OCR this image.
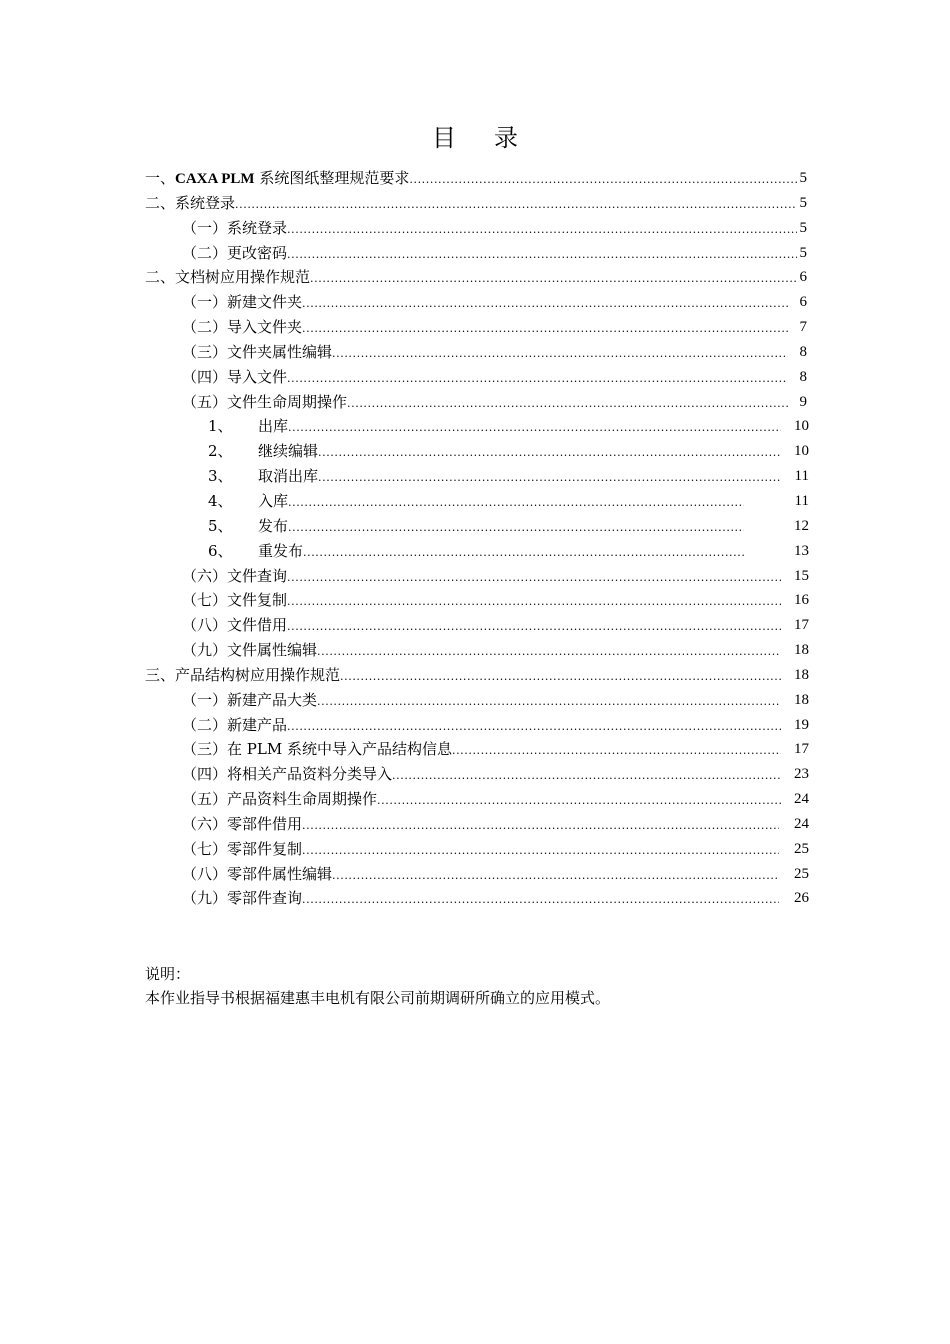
目 录
一、CAXA PLM 系统图纸整理规范要求 .....	5
二、系统登录 .....	5
（一）系统登录 .....	5
（二）更改密码 .....	5
二、文档树应用操作规范 .....	6
（一）新建文件夹 .....	6
（二）导入文件夹 .....	7
（三）文件夹属性编辑 .....	8
（四）导入文件 .....	8
（五）文件生命周期操作 .....	9
1、 出库 .....	10
2、 继续编辑 .....	10
3、 取消出库 .....	11
4、 入库 .....	11
5、 发布 .....	12
6、 重发布 .....	13
（六）文件查询 .....	15
（七）文件复制 .....	16
（八）文件借用 .....	17
（九）文件属性编辑 .....	18
三、产品结构树应用操作规范 .....	18
（一）新建产品大类 .....	18
（二）新建产品 .....	19
（三）在 PLM 系统中导入产品结构信息 .....	17
（四）将相关产品资料分类导入 .....	23
（五）产品资料生命周期操作 .....	24
（六）零部件借用 .....	24
（七）零部件复制 .....	25
（八）零部件属性编辑 .....	25
（九）零部件查询 .....	26
说明：
本作业指导书根据福建惠丰电机有限公司前期调研所确立的应用模式。
